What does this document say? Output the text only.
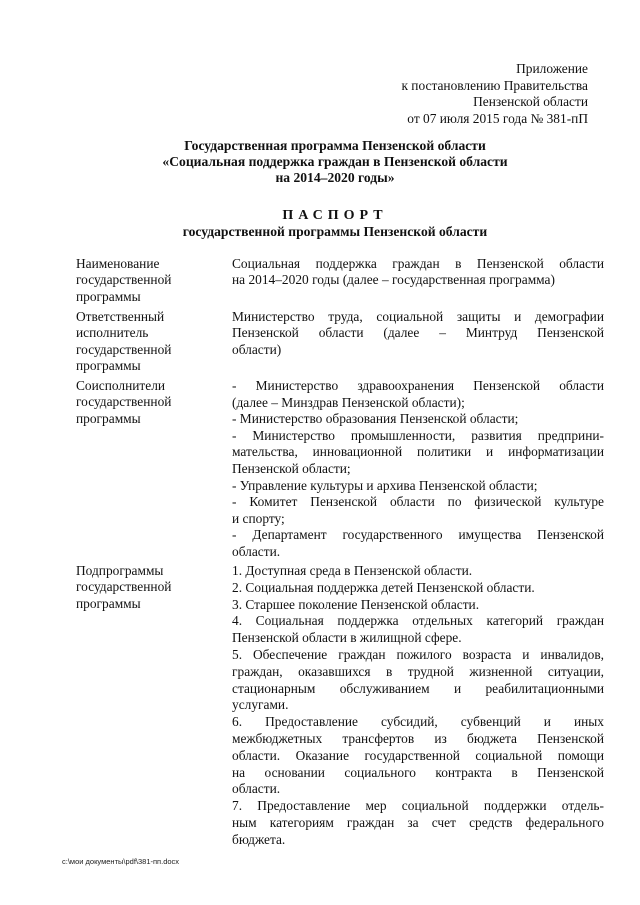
Приложение
к постановлению Правительства
Пензенской области
от 07 июля 2015 года № 381-пП
Государственная программа Пензенской области
«Социальная поддержка граждан в Пензенской области
на 2014–2020 годы»
ПАСПОРТ
государственной программы Пензенской области
Наименование
государственной
программы
Социальная поддержка граждан в Пензенской области
на 2014–2020 годы (далее – государственная программа)
Ответственный
исполнитель
государственной
программы
Министерство труда, социальной защиты и демографии
Пензенской области (далее – Минтруд Пензенской
области)
Соисполнители
государственной
программы
- Министерство здравоохранения Пензенской области
(далее – Минздрав Пензенской области);
- Министерство образования Пензенской области;
- Министерство промышленности, развития предприни-
мательства, инновационной политики и информатизации
Пензенской области;
- Управление культуры и архива Пензенской области;
- Комитет Пензенской области по физической культуре
и спорту;
- Департамент государственного имущества Пензенской
области.
Подпрограммы
государственной
программы
1. Доступная среда в Пензенской области.
2. Социальная поддержка детей Пензенской области.
3. Старшее поколение Пензенской области.
4. Социальная поддержка отдельных категорий граждан
Пензенской области в жилищной сфере.
5. Обеспечение граждан пожилого возраста и инвалидов,
граждан, оказавшихся в трудной жизненной ситуации,
стационарным обслуживанием и реабилитационными
услугами.
6. Предоставление субсидий, субвенций и иных
межбюджетных трансфертов из бюджета Пензенской
области. Оказание государственной социальной помощи
на основании социального контракта в Пензенской
области.
7. Предоставление мер социальной поддержки отдель-
ным категориям граждан за счет средств федерального
бюджета.
c:\мои документы\pdf\381-пп.docx
